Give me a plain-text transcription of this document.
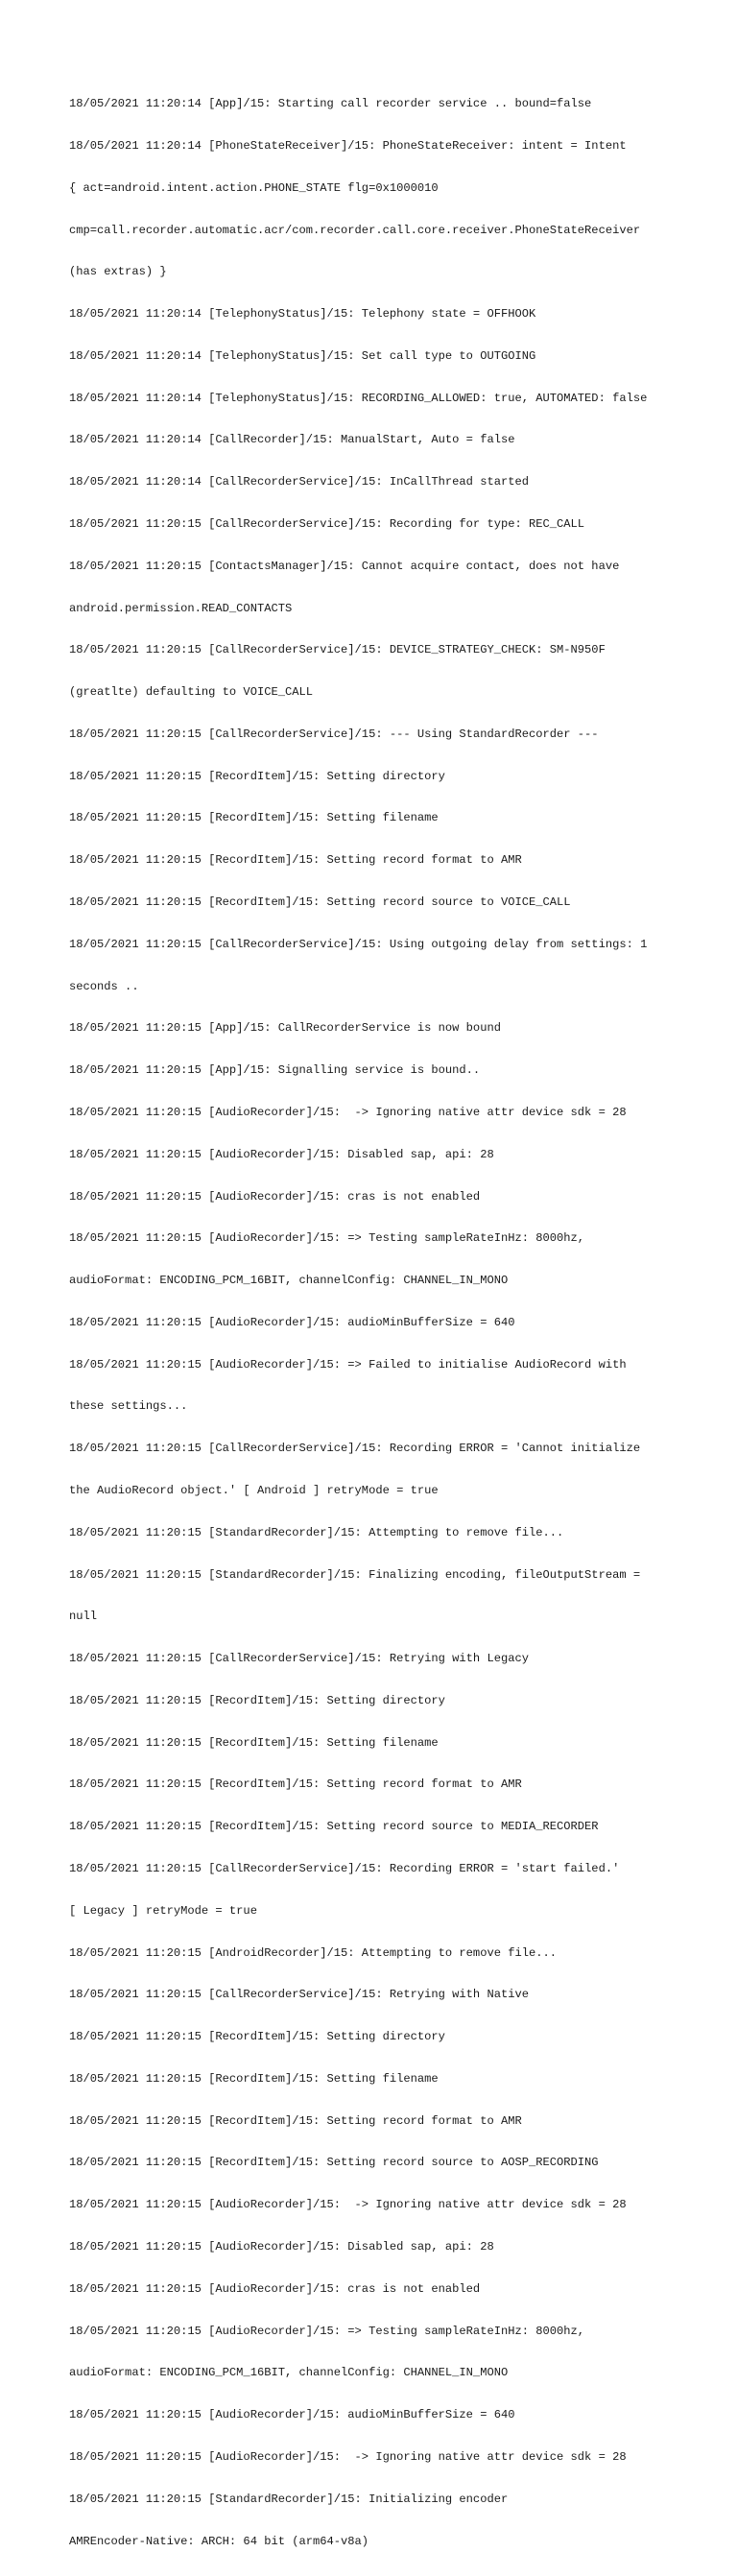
18/05/2021 11:20:14 [App]/15: Starting call recorder service .. bound=false

18/05/2021 11:20:14 [PhoneStateReceiver]/15: PhoneStateReceiver: intent = Intent

{ act=android.intent.action.PHONE_STATE flg=0x1000010

cmp=call.recorder.automatic.acr/com.recorder.call.core.receiver.PhoneStateReceiver

(has extras) }

18/05/2021 11:20:14 [TelephonyStatus]/15: Telephony state = OFFHOOK

18/05/2021 11:20:14 [TelephonyStatus]/15: Set call type to OUTGOING

18/05/2021 11:20:14 [TelephonyStatus]/15: RECORDING_ALLOWED: true, AUTOMATED: false

18/05/2021 11:20:14 [CallRecorder]/15: ManualStart, Auto = false

18/05/2021 11:20:14 [CallRecorderService]/15: InCallThread started

18/05/2021 11:20:15 [CallRecorderService]/15: Recording for type: REC_CALL

18/05/2021 11:20:15 [ContactsManager]/15: Cannot acquire contact, does not have

android.permission.READ_CONTACTS

18/05/2021 11:20:15 [CallRecorderService]/15: DEVICE_STRATEGY_CHECK: SM-N950F

(greatlte) defaulting to VOICE_CALL

18/05/2021 11:20:15 [CallRecorderService]/15: --- Using StandardRecorder ---

18/05/2021 11:20:15 [RecordItem]/15: Setting directory

18/05/2021 11:20:15 [RecordItem]/15: Setting filename

18/05/2021 11:20:15 [RecordItem]/15: Setting record format to AMR

18/05/2021 11:20:15 [RecordItem]/15: Setting record source to VOICE_CALL

18/05/2021 11:20:15 [CallRecorderService]/15: Using outgoing delay from settings: 1

seconds ..

18/05/2021 11:20:15 [App]/15: CallRecorderService is now bound

18/05/2021 11:20:15 [App]/15: Signalling service is bound..

18/05/2021 11:20:15 [AudioRecorder]/15:  -> Ignoring native attr device sdk = 28

18/05/2021 11:20:15 [AudioRecorder]/15: Disabled sap, api: 28

18/05/2021 11:20:15 [AudioRecorder]/15: cras is not enabled

18/05/2021 11:20:15 [AudioRecorder]/15: => Testing sampleRateInHz: 8000hz,

audioFormat: ENCODING_PCM_16BIT, channelConfig: CHANNEL_IN_MONO

18/05/2021 11:20:15 [AudioRecorder]/15: audioMinBufferSize = 640

18/05/2021 11:20:15 [AudioRecorder]/15: => Failed to initialise AudioRecord with

these settings...

18/05/2021 11:20:15 [CallRecorderService]/15: Recording ERROR = 'Cannot initialize

the AudioRecord object.' [ Android ] retryMode = true

18/05/2021 11:20:15 [StandardRecorder]/15: Attempting to remove file...

18/05/2021 11:20:15 [StandardRecorder]/15: Finalizing encoding, fileOutputStream =

null

18/05/2021 11:20:15 [CallRecorderService]/15: Retrying with Legacy

18/05/2021 11:20:15 [RecordItem]/15: Setting directory

18/05/2021 11:20:15 [RecordItem]/15: Setting filename

18/05/2021 11:20:15 [RecordItem]/15: Setting record format to AMR

18/05/2021 11:20:15 [RecordItem]/15: Setting record source to MEDIA_RECORDER

18/05/2021 11:20:15 [CallRecorderService]/15: Recording ERROR = 'start failed.'

[ Legacy ] retryMode = true

18/05/2021 11:20:15 [AndroidRecorder]/15: Attempting to remove file...

18/05/2021 11:20:15 [CallRecorderService]/15: Retrying with Native

18/05/2021 11:20:15 [RecordItem]/15: Setting directory

18/05/2021 11:20:15 [RecordItem]/15: Setting filename

18/05/2021 11:20:15 [RecordItem]/15: Setting record format to AMR

18/05/2021 11:20:15 [RecordItem]/15: Setting record source to AOSP_RECORDING

18/05/2021 11:20:15 [AudioRecorder]/15:  -> Ignoring native attr device sdk = 28

18/05/2021 11:20:15 [AudioRecorder]/15: Disabled sap, api: 28

18/05/2021 11:20:15 [AudioRecorder]/15: cras is not enabled

18/05/2021 11:20:15 [AudioRecorder]/15: => Testing sampleRateInHz: 8000hz,

audioFormat: ENCODING_PCM_16BIT, channelConfig: CHANNEL_IN_MONO

18/05/2021 11:20:15 [AudioRecorder]/15: audioMinBufferSize = 640

18/05/2021 11:20:15 [AudioRecorder]/15:  -> Ignoring native attr device sdk = 28

18/05/2021 11:20:15 [StandardRecorder]/15: Initializing encoder

AMREncoder-Native: ARCH: 64 bit (arm64-v8a)
